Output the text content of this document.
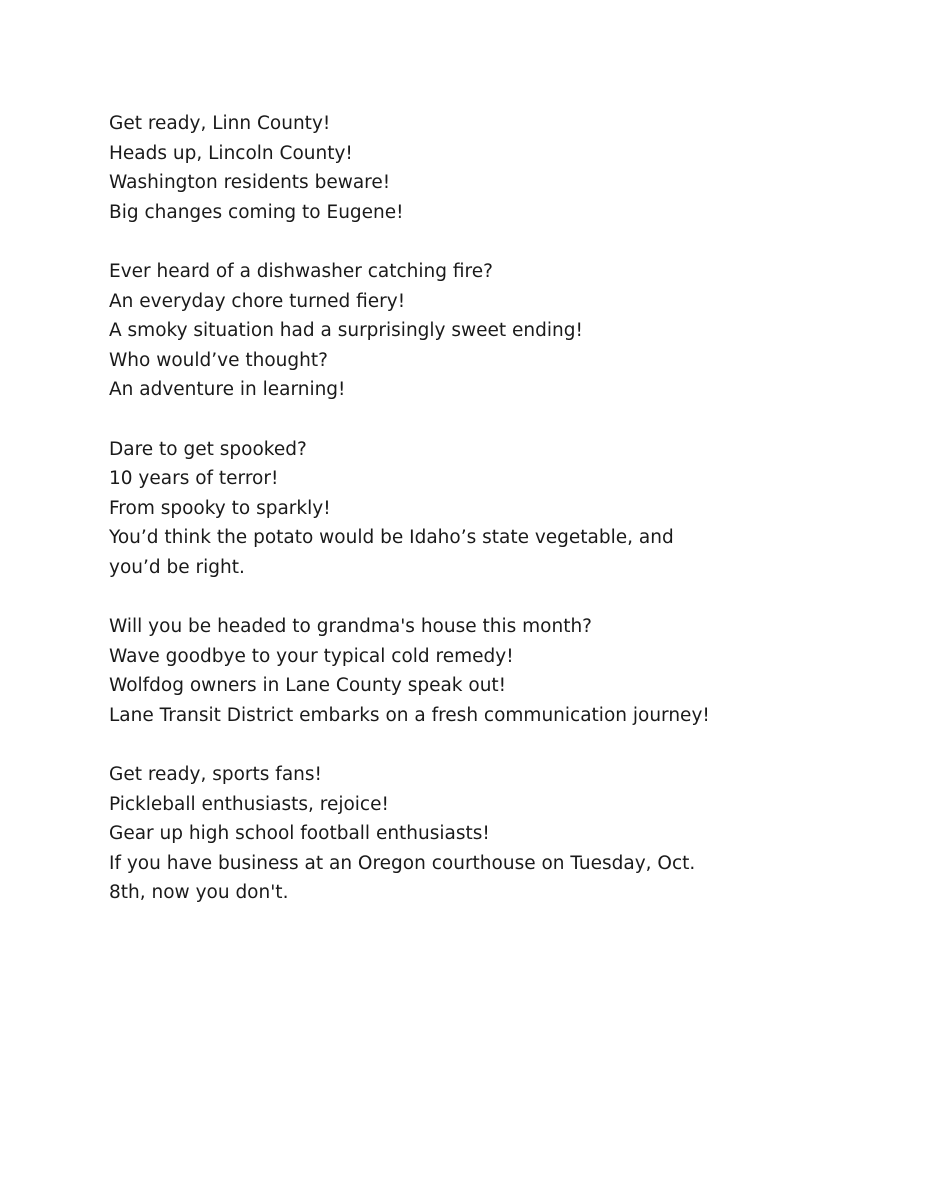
Get ready, Linn County!
Heads up, Lincoln County!
Washington residents beware!
Big changes coming to Eugene!
Ever heard of a dishwasher catching fire?
An everyday chore turned fiery!
A smoky situation had a surprisingly sweet ending!
Who would’ve thought?
An adventure in learning!
Dare to get spooked?
10 years of terror!
From spooky to sparkly!
You’d think the potato would be Idaho’s state vegetable, and
you’d be right.
Will you be headed to grandma's house this month?
Wave goodbye to your typical cold remedy!
Wolfdog owners in Lane County speak out!
Lane Transit District embarks on a fresh communication journey!
Get ready, sports fans!
Pickleball enthusiasts, rejoice!
Gear up high school football enthusiasts!
If you have business at an Oregon courthouse on Tuesday, Oct.
8th, now you don't.
